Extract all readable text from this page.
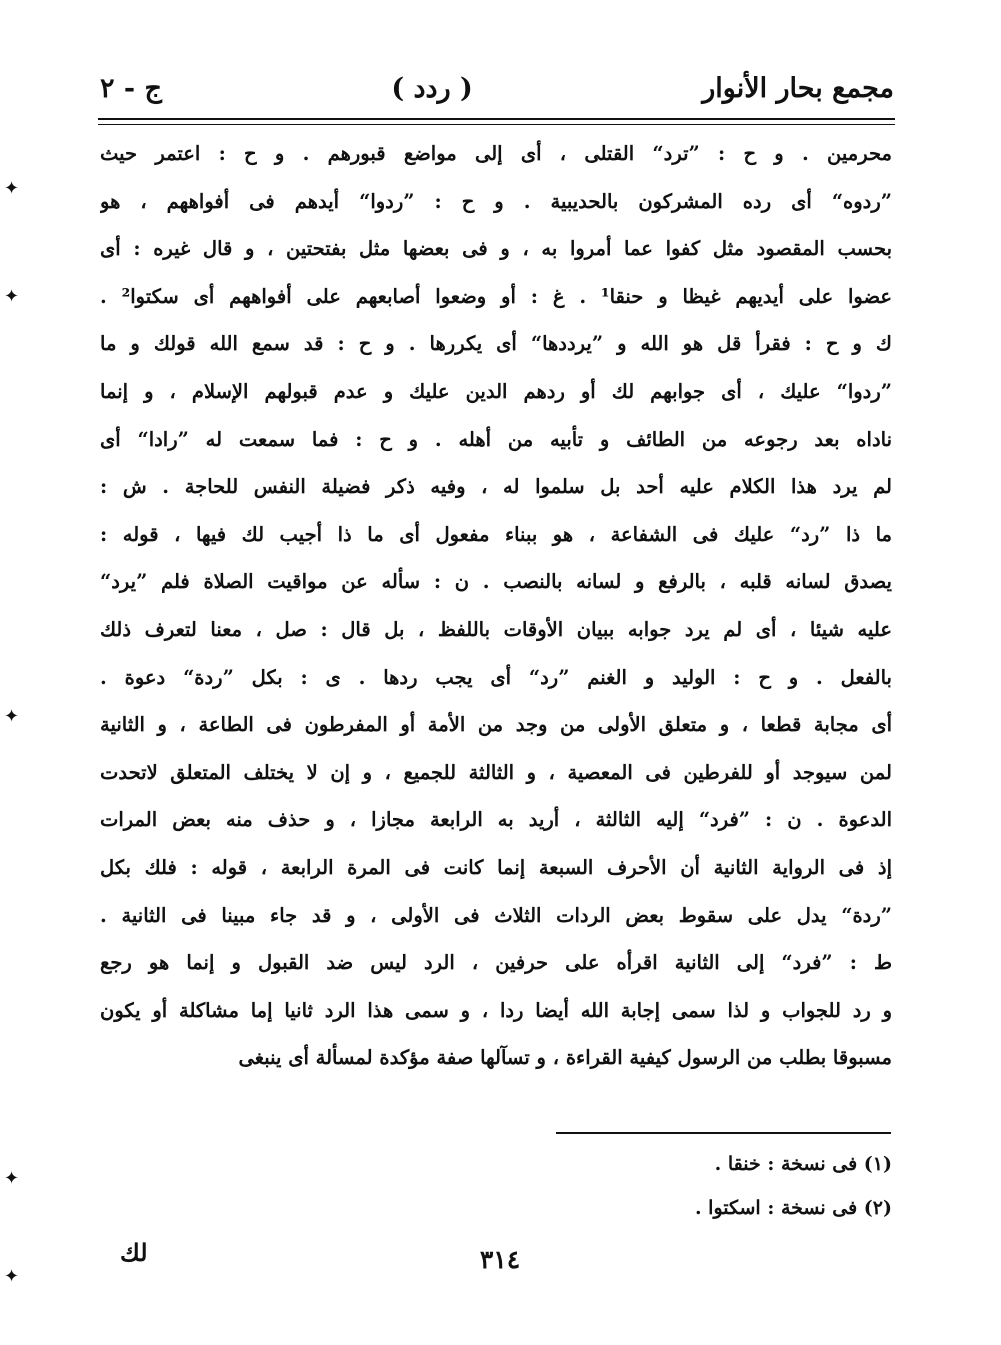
مجمع بحار الأنوار
( ردد )
ج - ٢
محرمين . و ح : ”ترد“ القتلى ، أى إلى مواضع قبورهم . و ح : اعتمر حيث
”ردوه“ أى رده المشركون بالحديبية . و ح : ”ردوا“ أيدهم فى أفواههم ، هو
بحسب المقصود مثل كفوا عما أمروا به ، و فى بعضها مثل بفتحتين ، و قال غيره : أى
عضوا على أيديهم غيظا و حنقا¹ . غ : أو وضعوا أصابعهم على أفواههم أى سكتوا² .
ك و ح : فقرأ قل هو الله و ”يرددها“ أى يكررها . و ح : قد سمع الله قولك و ما
”ردوا“ عليك ، أى جوابهم لك أو ردهم الدين عليك و عدم قبولهم الإسلام ، و إنما
ناداه بعد رجوعه من الطائف و تأبيه من أهله . و ح : فما سمعت له ”رادا“ أى
لم يرد هذا الكلام عليه أحد بل سلموا له ، وفيه ذكر فضيلة النفس للحاجة . ش :
ما ذا ”رد“ عليك فى الشفاعة ، هو ببناء مفعول أى ما ذا أجيب لك فيها ، قوله :
يصدق لسانه قلبه ، بالرفع و لسانه بالنصب . ن : سأله عن مواقيت الصلاة فلم ”يرد“
عليه شيئا ، أى لم يرد جوابه ببيان الأوقات باللفظ ، بل قال : صل ، معنا لتعرف ذلك
بالفعل . و ح : الوليد و الغنم ”رد“ أى يجب ردها . ى : بكل ”ردة“ دعوة .
أى مجابة قطعا ، و متعلق الأولى من وجد من الأمة أو المفرطون فى الطاعة ، و الثانية
لمن سيوجد أو للفرطين فى المعصية ، و الثالثة للجميع ، و إن لا يختلف المتعلق لاتحدت
الدعوة . ن : ”فرد“ إليه الثالثة ، أريد به الرابعة مجازا ، و حذف منه بعض المرات
إذ فى الرواية الثانية أن الأحرف السبعة إنما كانت فى المرة الرابعة ، قوله : فلك بكل
”ردة“ يدل على سقوط بعض الردات الثلاث فى الأولى ، و قد جاء مبينا فى الثانية .
ط : ”فرد“ إلى الثانية اقرأه على حرفين ، الرد ليس ضد القبول و إنما هو رجع
و رد للجواب و لذا سمى إجابة الله أيضا ردا ، و سمى هذا الرد ثانيا إما مشاكلة أو يكون
مسبوقا بطلب من الرسول كيفية القراءة ، و تسآلها صفة مؤكدة لمسألة أى ينبغى
(١) فى نسخة : خنقا .
(٢) فى نسخة : اسكتوا .
٣١٤
لك
✦
✦
✦
✦
✦
